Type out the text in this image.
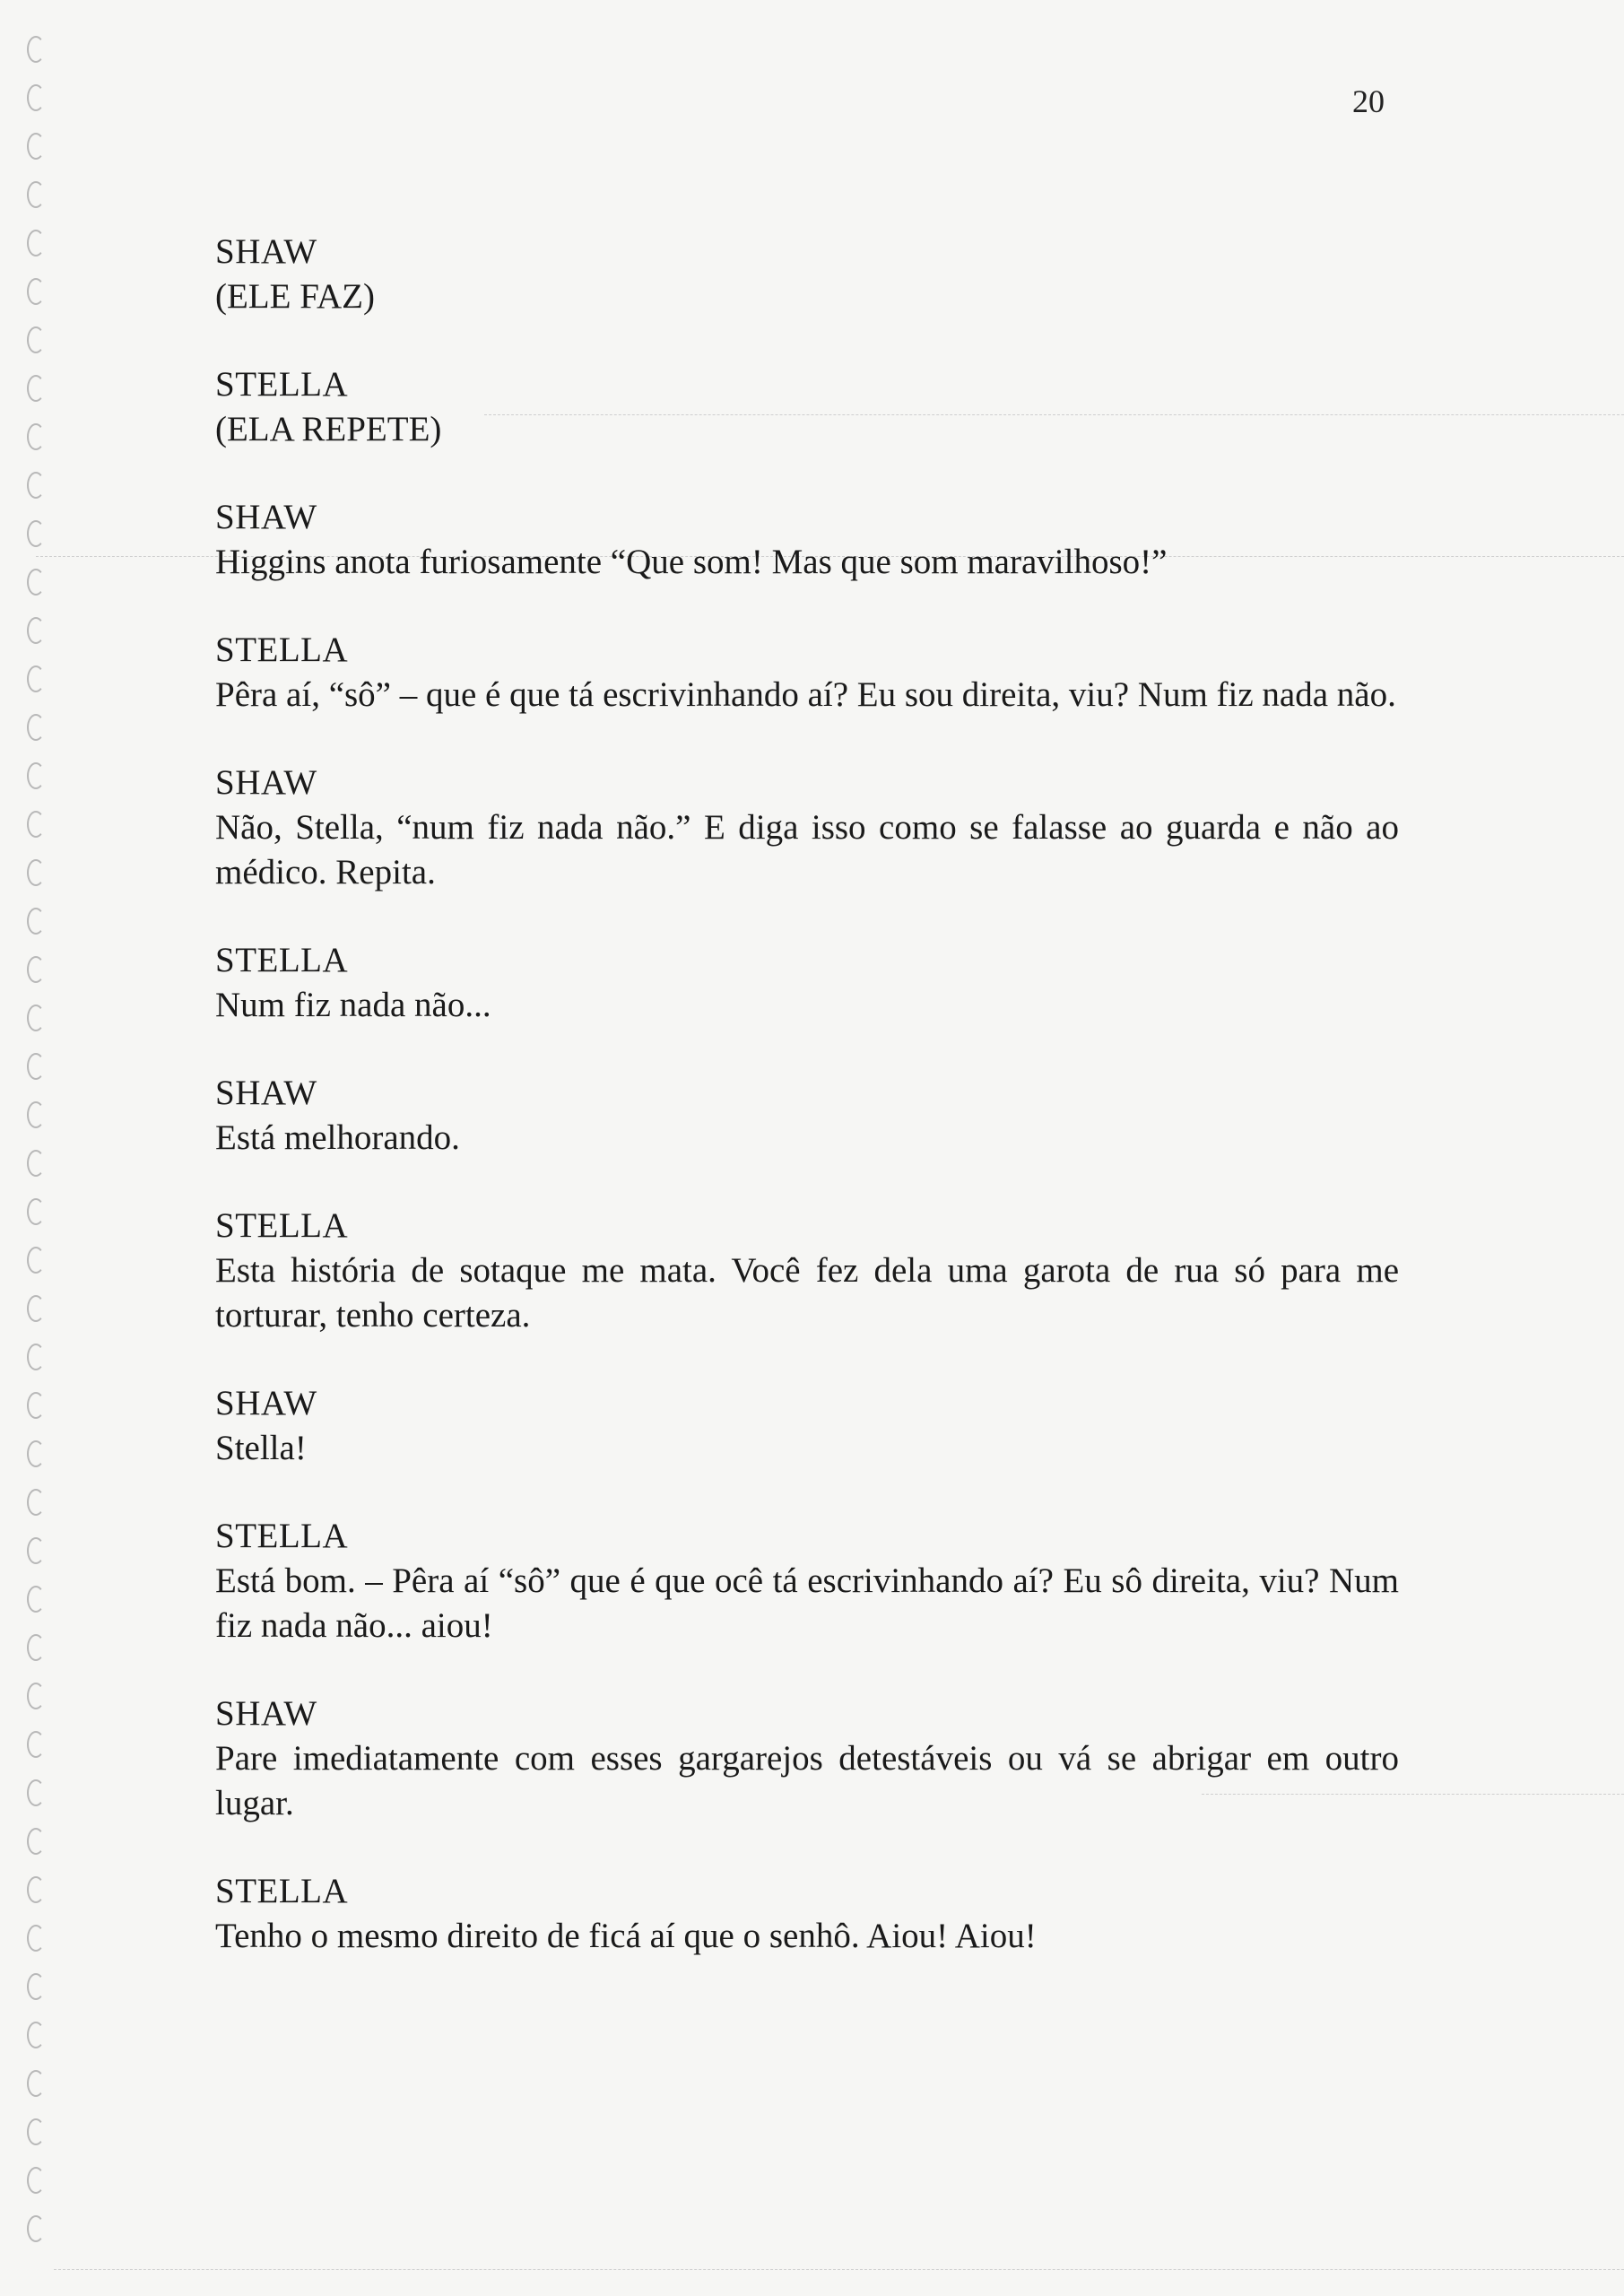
20
SHAW
(ELE FAZ)
STELLA
(ELA REPETE)
SHAW
Higgins anota furiosamente “Que som! Mas que som maravilhoso!”
STELLA
Pêra aí, “sô” – que é que tá escrivinhando aí? Eu sou direita, viu? Num fiz nada não.
SHAW
Não, Stella, “num fiz nada não.” E diga isso como se falasse ao guarda e não ao médico. Repita.
STELLA
Num fiz nada não...
SHAW
Está melhorando.
STELLA
Esta história de sotaque me mata. Você fez dela uma garota de rua só para me torturar, tenho certeza.
SHAW
Stella!
STELLA
Está bom. – Pêra aí “sô” que é que ocê tá escrivinhando aí? Eu sô direita, viu? Num fiz nada não... aiou!
SHAW
Pare imediatamente com esses gargarejos detestáveis ou vá se abrigar em outro lugar.
STELLA
Tenho o mesmo direito de ficá aí que o senhô. Aiou! Aiou!
